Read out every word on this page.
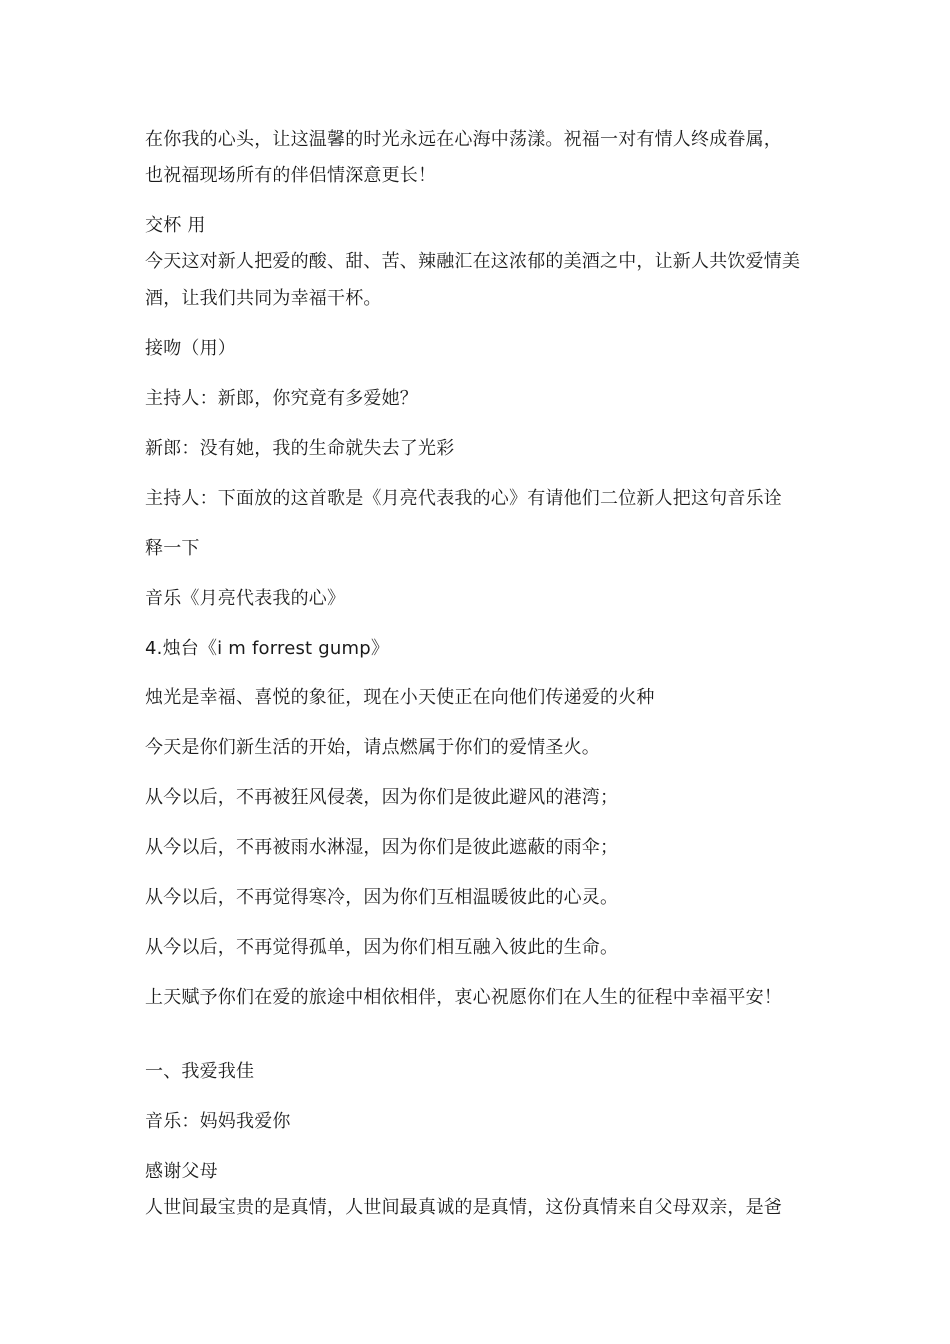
在你我的心头，让这温馨的时光永远在心海中荡漾。祝福一对有情人终成眷属，
也祝福现场所有的伴侣情深意更长！
交杯 用
今天这对新人把爱的酸、甜、苦、辣融汇在这浓郁的美酒之中，让新人共饮爱情美
酒，让我们共同为幸福干杯。
接吻（用）
主持人：新郎，你究竟有多爱她？
新郎：没有她，我的生命就失去了光彩
主持人：下面放的这首歌是《月亮代表我的心》有请他们二位新人把这句音乐诠
释一下
音乐《月亮代表我的心》
4.烛台《i m forrest gump》
烛光是幸福、喜悦的象征，现在小天使正在向他们传递爱的火种
今天是你们新生活的开始，请点燃属于你们的爱情圣火。
从今以后，不再被狂风侵袭，因为你们是彼此避风的港湾；
从今以后，不再被雨水淋湿，因为你们是彼此遮蔽的雨伞；
从今以后，不再觉得寒冷，因为你们互相温暖彼此的心灵。
从今以后，不再觉得孤单，因为你们相互融入彼此的生命。
上天赋予你们在爱的旅途中相依相伴，衷心祝愿你们在人生的征程中幸福平安！
一、我爱我佳
音乐：妈妈我爱你
感谢父母
人世间最宝贵的是真情，人世间最真诚的是真情，这份真情来自父母双亲，是爸
